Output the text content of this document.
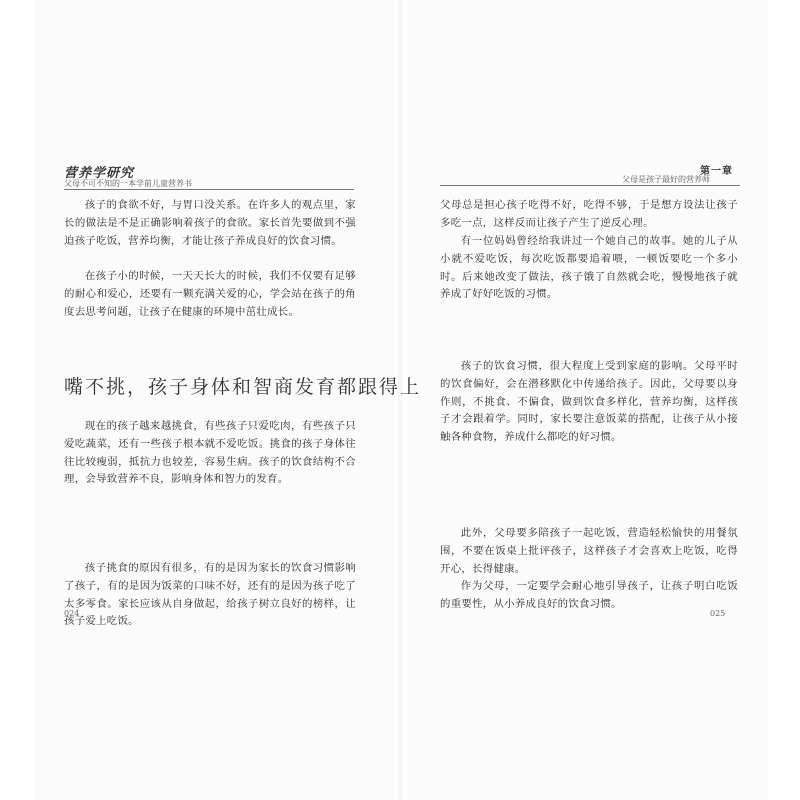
营养学研究
父母不可不知的一本学前儿童营养书

孩子的食欲不好，与胃口没关系。在许多人的观点里，家长的做法是不是正确影响着孩子的食欲。家长首先要做到不强迫孩子吃饭，营养均衡，才能让孩子养成良好的饮食习惯。

在孩子小的时候，一天天长大的时候，我们不仅要有足够的耐心和爱心，还要有一颗充满关爱的心，学会站在孩子的角度去思考问题，让孩子在健康的环境中茁壮成长。

嘴不挑，孩子身体和智商发育都跟得上

现在的孩子越来越挑食，有些孩子只爱吃肉，有些孩子只爱吃蔬菜，还有一些孩子根本就不爱吃饭。挑食的孩子身体往往比较瘦弱，抵抗力也较差，容易生病。孩子的饮食结构不合理，会导致营养不良，影响身体和智力的发育。

孩子挑食的原因有很多，有的是因为家长的饮食习惯影响了孩子，有的是因为饭菜的口味不好，还有的是因为孩子吃了太多零食。家长应该从自身做起，给孩子树立良好的榜样，让孩子爱上吃饭。

024
第一章
父母是孩子最好的营养师

父母总是担心孩子吃得不好，吃得不够，于是想方设法让孩子多吃一点，这样反而让孩子产生了逆反心理。

有一位妈妈曾经给我讲过一个她自己的故事。她的儿子从小就不爱吃饭，每次吃饭都要追着喂，一顿饭要吃一个多小时。后来她改变了做法，孩子饿了自然就会吃，慢慢地孩子就养成了好好吃饭的习惯。

孩子的饮食习惯，很大程度上受到家庭的影响。父母平时的饮食偏好，会在潜移默化中传递给孩子。因此，父母要以身作则，不挑食、不偏食，做到饮食多样化，营养均衡，这样孩子才会跟着学。同时，家长要注意饭菜的搭配，让孩子从小接触各种食物，养成什么都吃的好习惯。

此外，父母要多陪孩子一起吃饭，营造轻松愉快的用餐氛围，不要在饭桌上批评孩子，这样孩子才会喜欢上吃饭，吃得开心，长得健康。

作为父母，一定要学会耐心地引导孩子，让孩子明白吃饭的重要性，从小养成良好的饮食习惯。

025
